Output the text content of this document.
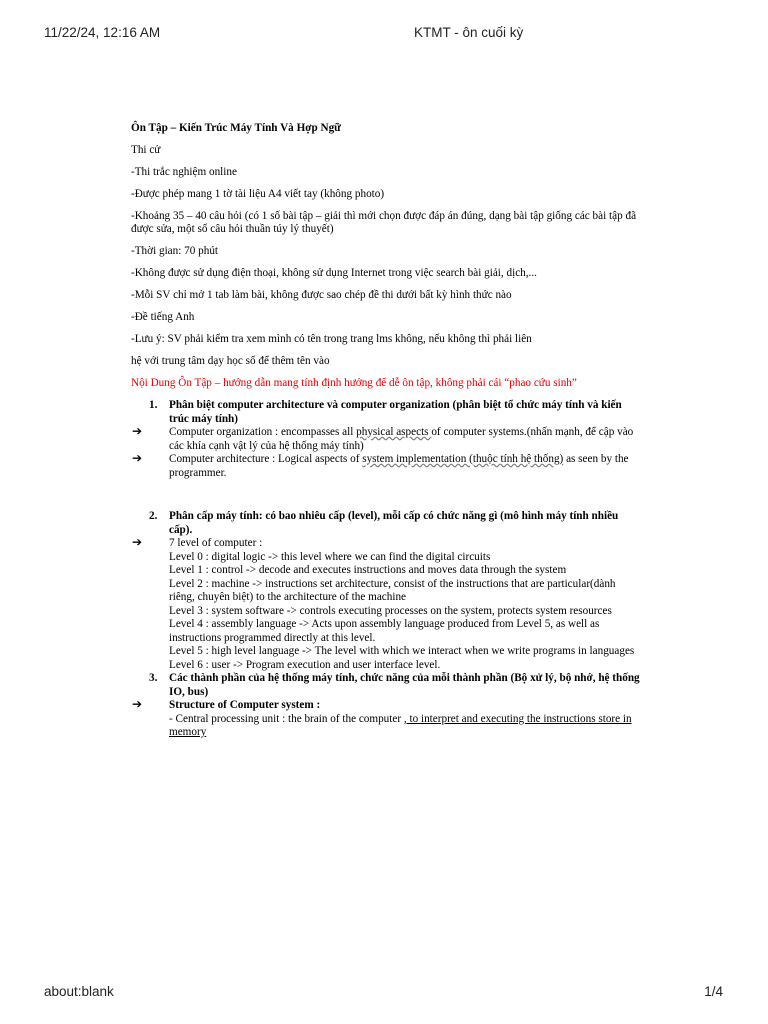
11/22/24, 12:16 AM	KTMT - ôn cuối kỳ
Ôn Tập – Kiến Trúc Máy Tính Và Hợp Ngữ
Thi cử
-Thi trắc nghiệm online
-Được phép mang 1 tờ tài liệu A4 viết tay (không photo)
-Khoảng 35 – 40 câu hỏi (có 1 số bài tập – giải thì mới chọn được đáp án đúng, dạng bài tập giống các bài tập đã được sửa, một số câu hỏi thuần túy lý thuyết)
-Thời gian: 70 phút
-Không được sử dụng điện thoại, không sử dụng Internet trong việc search bài giải, dịch,...
-Mỗi SV chỉ mở 1 tab làm bài, không được sao chép đề thi dưới bất kỳ hình thức nào
-Đề tiếng Anh
-Lưu ý: SV phải kiểm tra xem mình có tên trong trang lms không, nếu không thì phải liên
hệ với trung tâm dạy học số để thêm tên vào
Nội Dung Ôn Tập – hướng dẫn mang tính định hướng để dễ ôn tập, không phải cái “phao cứu sinh”
1. Phân biệt computer architecture và computer organization (phân biệt tổ chức máy tính và kiến trúc máy tính)
➔ Computer organization : encompasses all physical aspects of computer systems.(nhấn mạnh, để cập vào các khía cạnh vật lý của hệ thống máy tính)
➔ Computer architecture : Logical aspects of system implementation (thuộc tính hệ thống) as seen by the programmer.
2. Phân cấp máy tính: có bao nhiêu cấp (level), mỗi cấp có chức năng gì (mô hình máy tính nhiều cấp).
➔ 7 level of computer :
Level 0 : digital logic -> this level where we can find the digital circuits
Level 1 : control -> decode and executes instructions and moves data through the system
Level 2 : machine -> instructions set architecture, consist of the instructions that are particular(dành riêng, chuyên biệt) to the architecture of the machine
Level 3 : system software -> controls executing processes on the system, protects system resources
Level 4 : assembly language -> Acts upon assembly language produced from Level 5, as well as instructions programmed directly at this level.
Level 5 : high level language -> The level with which we interact when we write programs in languages
Level 6 : user -> Program execution and user interface level.
3. Các thành phần của hệ thống máy tính, chức năng của mỗi thành phần (Bộ xử lý, bộ nhớ, hệ thống IO, bus)
➔ Structure of Computer system :
- Central processing unit : the brain of the computer , to interpret and executing the instructions store in memory
about:blank	1/4
